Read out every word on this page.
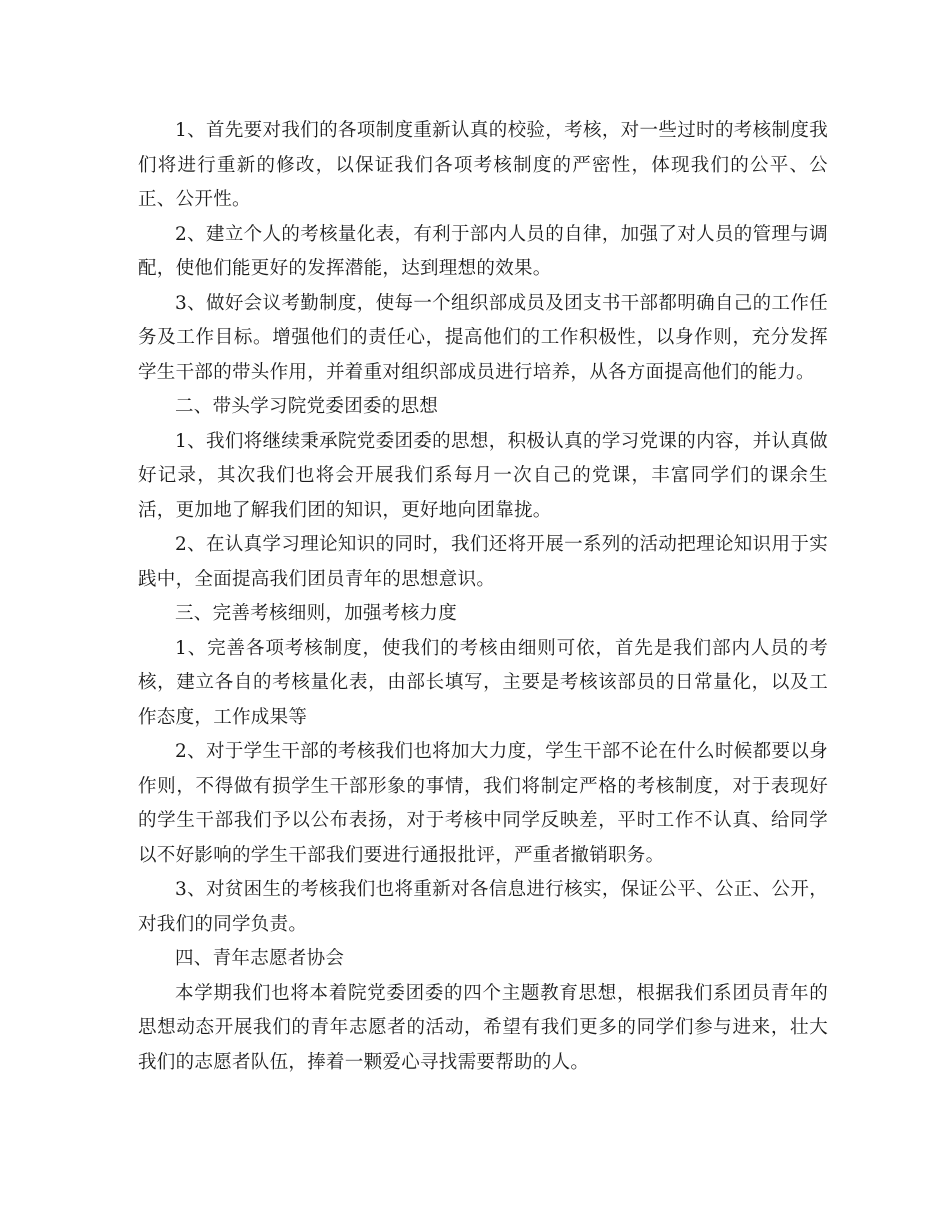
1、首先要对我们的各项制度重新认真的校验，考核，对一些过时的考核制度我们将进行重新的修改，以保证我们各项考核制度的严密性，体现我们的公平、公正、公开性。

2、建立个人的考核量化表，有利于部内人员的自律，加强了对人员的管理与调配，使他们能更好的发挥潜能，达到理想的效果。

3、做好会议考勤制度，使每一个组织部成员及团支书干部都明确自己的工作任务及工作目标。增强他们的责任心，提高他们的工作积极性，以身作则，充分发挥学生干部的带头作用，并着重对组织部成员进行培养，从各方面提高他们的能力。

二、带头学习院党委团委的思想

1、我们将继续秉承院党委团委的思想，积极认真的学习党课的内容，并认真做好记录，其次我们也将会开展我们系每月一次自己的党课，丰富同学们的课余生活，更加地了解我们团的知识，更好地向团靠拢。

2、在认真学习理论知识的同时，我们还将开展一系列的活动把理论知识用于实践中，全面提高我们团员青年的思想意识。

三、完善考核细则，加强考核力度

1、完善各项考核制度，使我们的考核由细则可依，首先是我们部内人员的考核，建立各自的考核量化表，由部长填写，主要是考核该部员的日常量化，以及工作态度，工作成果等

2、对于学生干部的考核我们也将加大力度，学生干部不论在什么时候都要以身作则，不得做有损学生干部形象的事情，我们将制定严格的考核制度，对于表现好的学生干部我们予以公布表扬，对于考核中同学反映差，平时工作不认真、给同学以不好影响的学生干部我们要进行通报批评，严重者撤销职务。

3、对贫困生的考核我们也将重新对各信息进行核实，保证公平、公正、公开，对我们的同学负责。

四、青年志愿者协会

本学期我们也将本着院党委团委的四个主题教育思想，根据我们系团员青年的思想动态开展我们的青年志愿者的活动，希望有我们更多的同学们参与进来，壮大我们的志愿者队伍，捧着一颗爱心寻找需要帮助的人。
